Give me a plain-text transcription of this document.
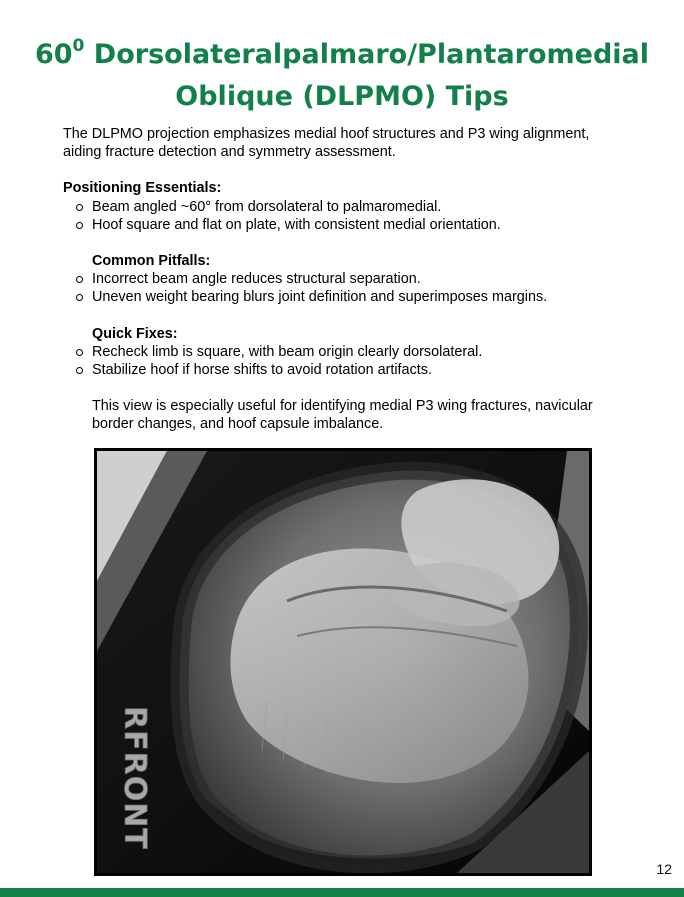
$60^0$ Dorsolateralpalmaro/Plantaromedial Oblique (DLPMO) Tips

The DLPMO projection emphasizes medial hoof structures and P3 wing alignment, aiding fracture detection and symmetry assessment.

Positioning Essentials:

Beam angled ~60° from dorsolateral to palmaromedial.
Hoof square and flat on plate, with consistent medial orientation.

Common Pitfalls:

Incorrect beam angle reduces structural separation.
Uneven weight bearing blurs joint definition and superimposes margins.

Quick Fixes:

Recheck limb is square, with beam origin clearly dorsolateral.
Stabilize hoof if horse shifts to avoid rotation artifacts.

This view is especially useful for identifying medial P3 wing fractures, navicular border changes, and hoof capsule imbalance.

RFRONT
12
